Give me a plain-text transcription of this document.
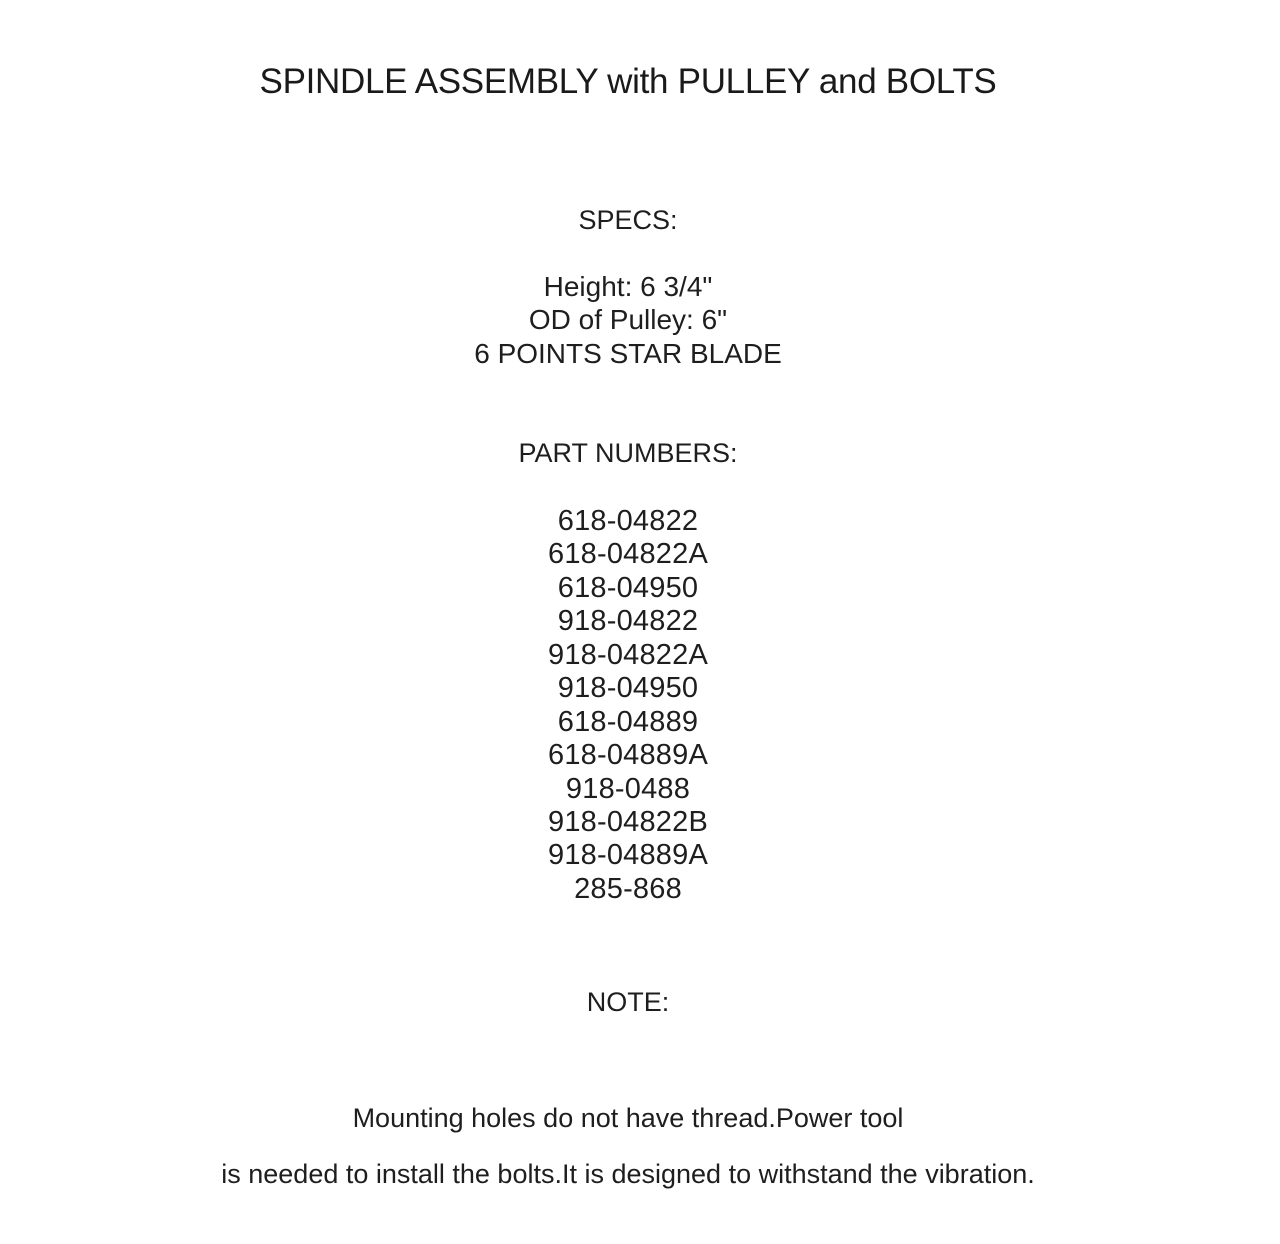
SPINDLE ASSEMBLY with PULLEY and BOLTS
SPECS:
Height: 6 3/4"
OD of Pulley: 6"
6 POINTS STAR BLADE
PART NUMBERS:
618-04822
618-04822A
618-04950
918-04822
918-04822A
918-04950
618-04889
618-04889A
918-0488
918-04822B
918-04889A
285-868
NOTE:
Mounting holes do not have thread.Power tool
is needed to install the bolts.It is designed to withstand the vibration.
